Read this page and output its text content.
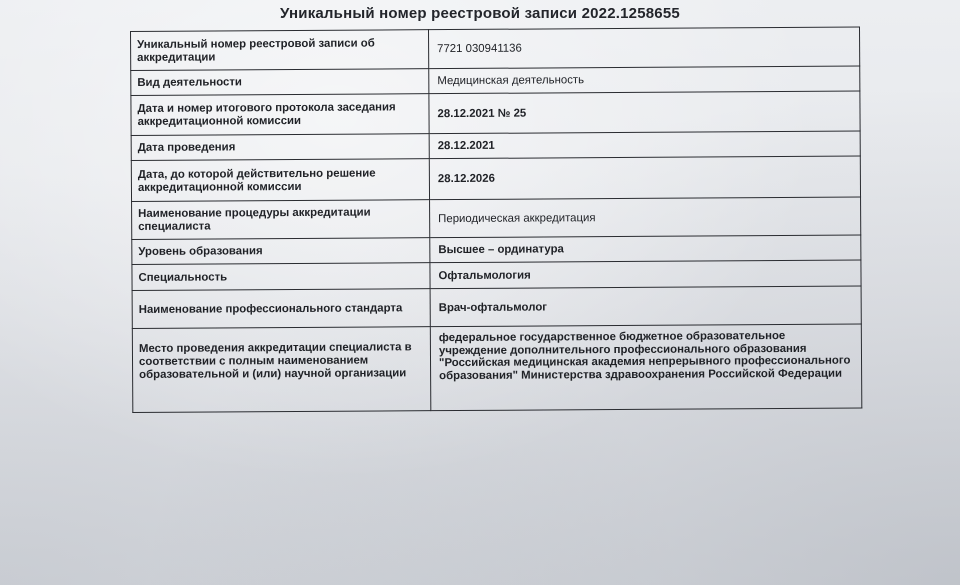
Уникальный номер реестровой записи 2022.1258655
Уникальный номер реестровой записи об аккредитации	7721 030941136
Вид деятельности	Медицинская деятельность
Дата и номер итогового протокола заседания аккредитационной комиссии	28.12.2021 № 25
Дата проведения	28.12.2021
Дата, до которой действительно решение аккредитационной комиссии	28.12.2026
Наименование процедуры аккредитации специалиста	Периодическая аккредитация
Уровень образования	Высшее – ординатура
Специальность	Офтальмология
Наименование профессионального стандарта	Врач-офтальмолог
Место проведения аккредитации специалиста в соответствии с полным наименованием образовательной и (или) научной организации	федеральное государственное бюджетное образовательное учреждение дополнительного профессионального образования "Российская медицинская академия непрерывного профессионального образования" Министерства здравоохранения Российской Федерации
